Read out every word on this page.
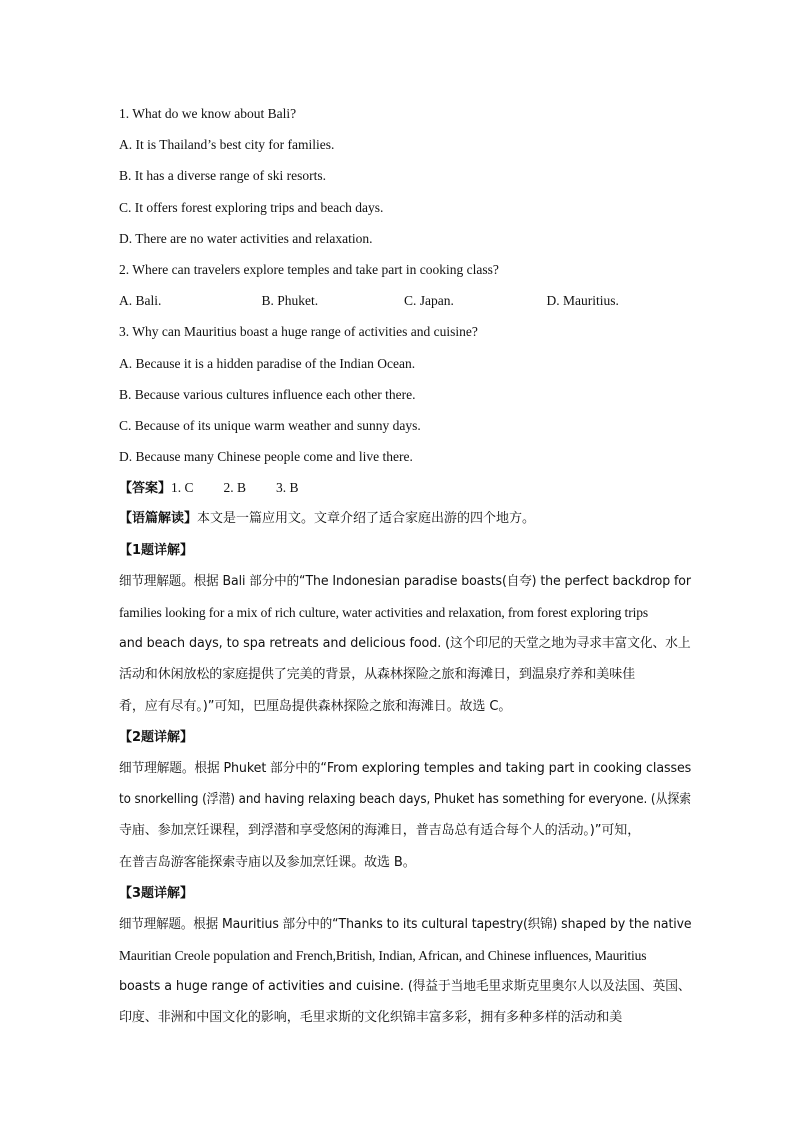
1. What do we know about Bali?
A. It is Thailand’s best city for families.
B. It has a diverse range of ski resorts.
C. It offers forest exploring trips and beach days.
D. There are no water activities and relaxation.
2. Where can travelers explore temples and take part in cooking class?
A. Bali.	B. Phuket.	C. Japan.	D. Mauritius.
3. Why can Mauritius boast a huge range of activities and cuisine?
A. Because it is a hidden paradise of the Indian Ocean.
B. Because various cultures influence each other there.
C. Because of its unique warm weather and sunny days.
D. Because many Chinese people come and live there.
【答案】1. C 2. B 3. B
【语篇解读】本文是一篇应用文。文章介绍了适合家庭出游的四个地方。
【1题详解】
细节理解题。根据 Bali 部分中的“The Indonesian paradise boasts(自夸) the perfect backdrop for
families looking for a mix of rich culture, water activities and relaxation, from forest exploring trips
and beach days, to spa retreats and delicious food. (这个印尼的天堂之地为寻求丰富文化、水上
活动和休闲放松的家庭提供了完美的背景，从森林探险之旅和海滩日，到温泉疗养和美味佳
肴，应有尽有。)”可知，巴厘岛提供森林探险之旅和海滩日。故选 C。
【2题详解】
细节理解题。根据 Phuket 部分中的“From exploring temples and taking part in cooking classes
to snorkelling (浮潜) and having relaxing beach days, Phuket has something for everyone. (从探索
寺庙、参加烹饪课程，到浮潜和享受悠闲的海滩日，普吉岛总有适合每个人的活动。)”可知，
在普吉岛游客能探索寺庙以及参加烹饪课。故选 B。
【3题详解】
细节理解题。根据 Mauritius 部分中的“Thanks to its cultural tapestry(织锦) shaped by the native
Mauritian Creole population and French,British, Indian, African, and Chinese influences, Mauritius
boasts a huge range of activities and cuisine. (得益于当地毛里求斯克里奥尔人以及法国、英国、
印度、非洲和中国文化的影响，毛里求斯的文化织锦丰富多彩，拥有多种多样的活动和美
